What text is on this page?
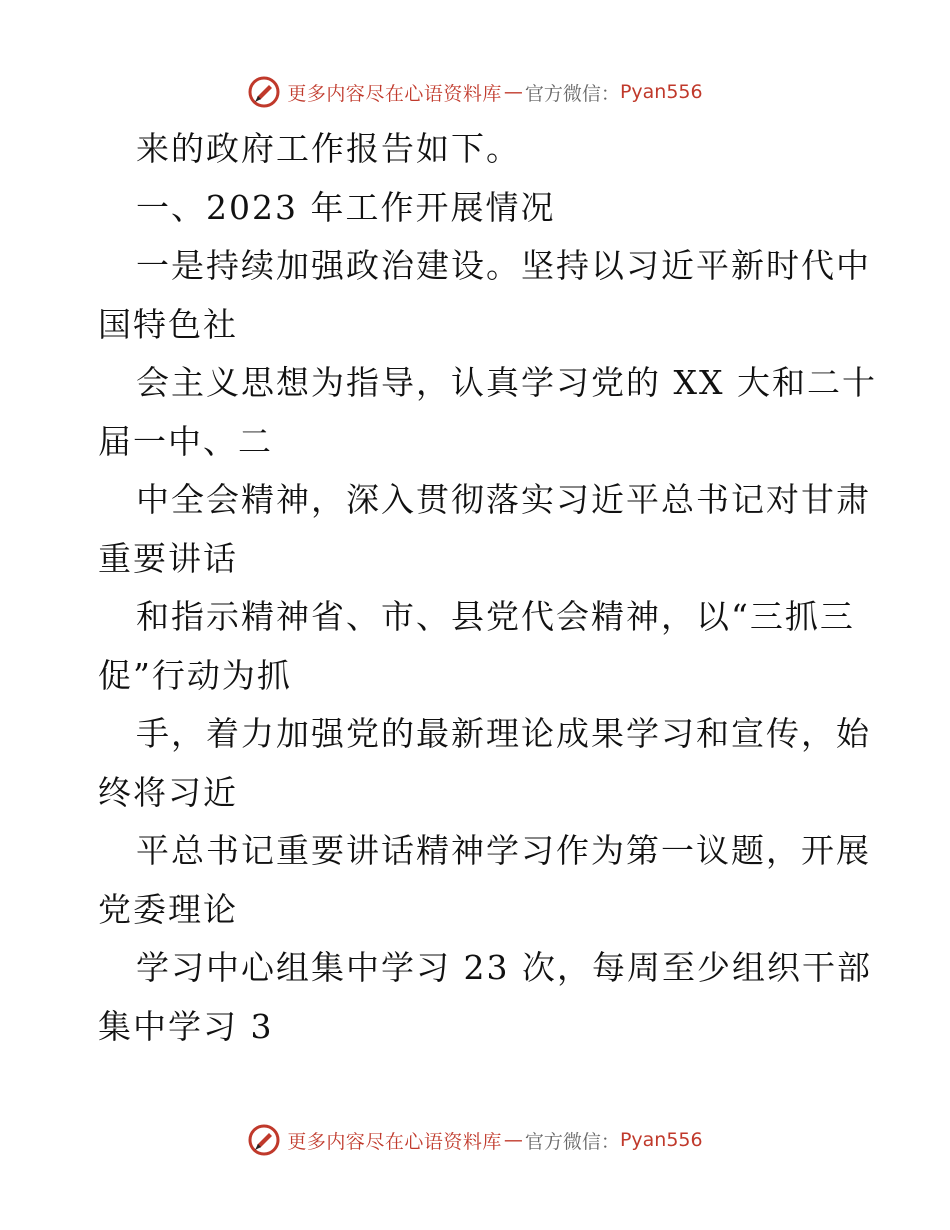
更多内容尽在心语资料库 — 官方微信： Pyan556
来的政府工作报告如下。
一、2023 年工作开展情况
一是持续加强政治建设。坚持以习近平新时代中
国特色社
会主义思想为指导，认真学习党的 XX 大和二十
届一中、二
中全会精神，深入贯彻落实习近平总书记对甘肃
重要讲话
和指示精神省、市、县党代会精神，以“三抓三
促”行动为抓
手，着力加强党的最新理论成果学习和宣传，始
终将习近
平总书记重要讲话精神学习作为第一议题，开展
党委理论
学习中心组集中学习 23 次，每周至少组织干部
集中学习 3
更多内容尽在心语资料库 — 官方微信： Pyan556
